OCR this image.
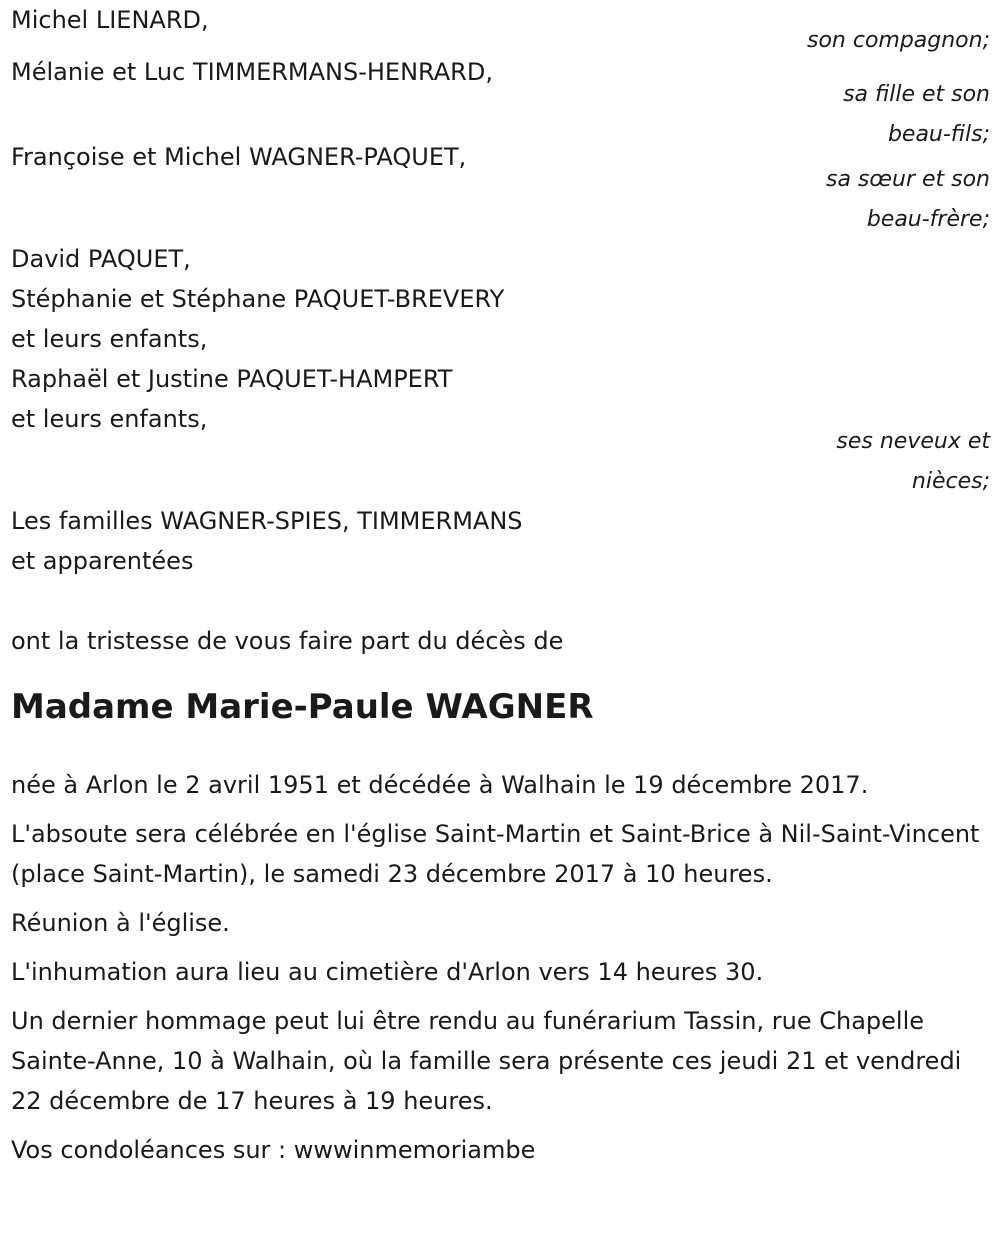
Michel LIENARD,
son compagnon;
Mélanie et Luc TIMMERMANS-HENRARD,
sa fille et son
beau-fils;
Françoise et Michel WAGNER-PAQUET,
sa sœur et son
beau-frère;
David PAQUET,
Stéphanie et Stéphane PAQUET-BREVERY
et leurs enfants,
Raphaël et Justine PAQUET-HAMPERT
et leurs enfants,
ses neveux et
nièces;
Les familles WAGNER-SPIES, TIMMERMANS
et apparentées
ont la tristesse de vous faire part du décès de
Madame Marie-Paule WAGNER

née à Arlon le 2 avril 1951 et décédée à Walhain le 19 décembre 2017.

L'absoute sera célébrée en l'église Saint-Martin et Saint-Brice à Nil-Saint-Vincent (place Saint-Martin), le samedi 23 décembre 2017 à 10 heures.

Réunion à l'église.

L'inhumation aura lieu au cimetière d'Arlon vers 14 heures 30.

Un dernier hommage peut lui être rendu au funérarium Tassin, rue Chapelle Sainte-Anne, 10 à Walhain, où la famille sera présente ces jeudi 21 et vendredi 22 décembre de 17 heures à 19 heures.

Vos condoléances sur : wwwinmemoriambe
